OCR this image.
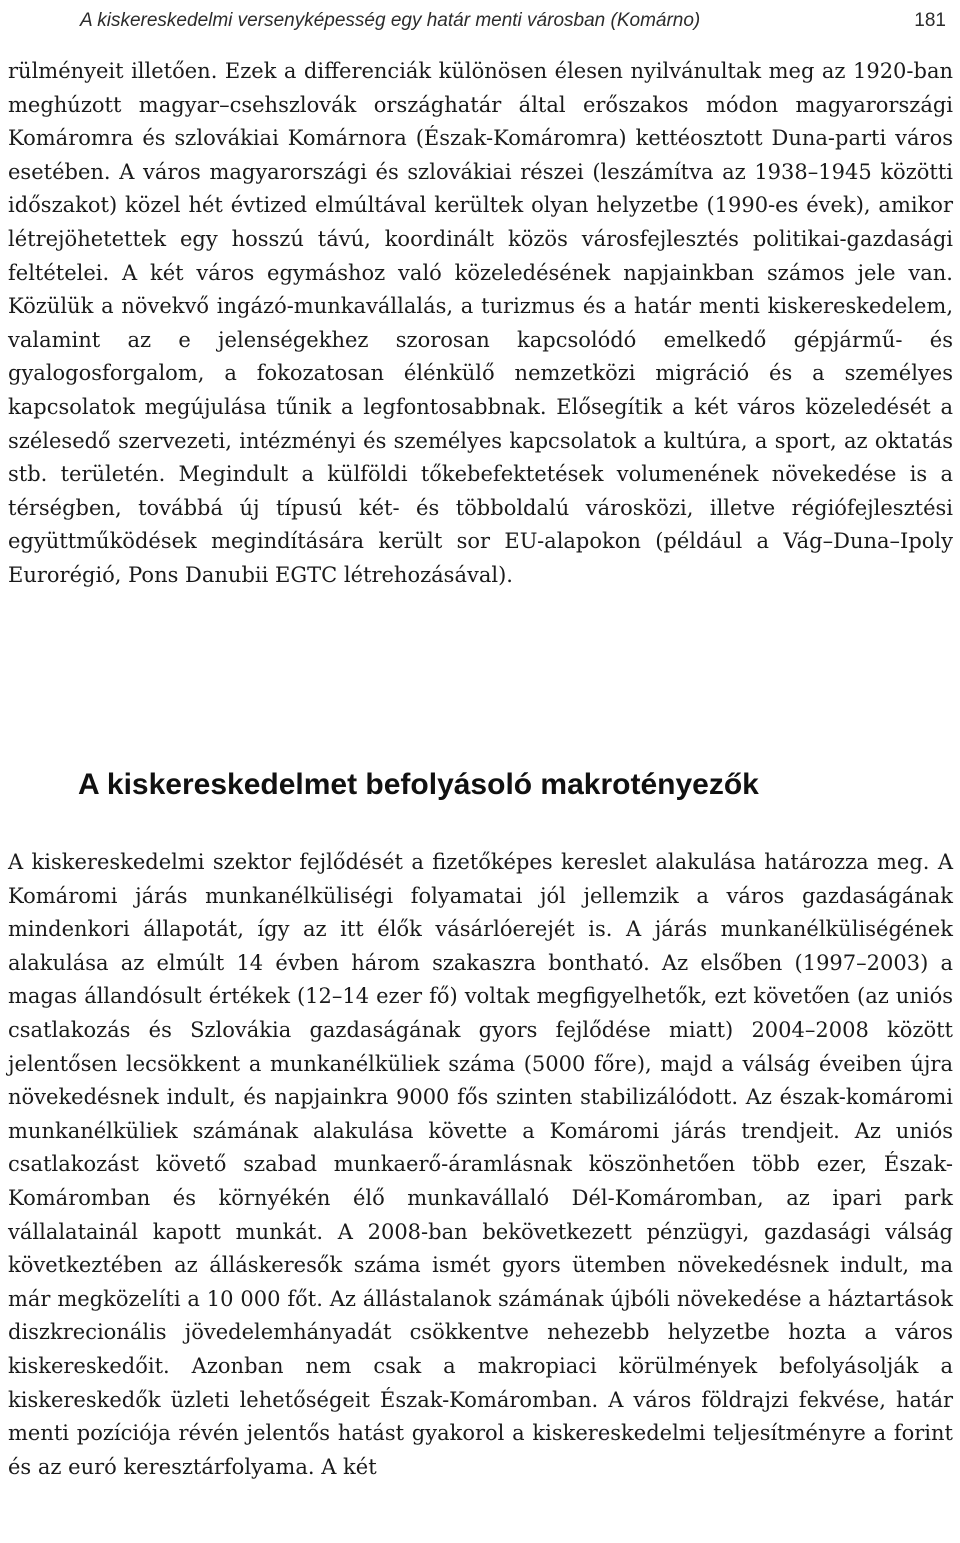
A kiskereskedelmi versenyképesség egy határ menti városban (Komárno)	181

rülményeit illetően. Ezek a differenciák különösen élesen nyilvánultak meg az 1920-ban meghúzott magyar–csehszlovák országhatár által erőszakos módon magyarországi Komáromra és szlovákiai Komárnora (Észak-Komáromra) kettéosztott Duna-parti város esetében. A város magyarországi és szlovákiai részei (leszámítva az 1938–1945 közötti időszakot) közel hét évtized elmúltával kerültek olyan helyzetbe (1990-es évek), amikor létrejöhetettek egy hosszú távú, koordinált közös városfejlesztés politikai-gazdasági feltételei. A két város egymáshoz való közeledésének napjainkban számos jele van. Közülük a növekvő ingázó-munkavállalás, a turizmus és a határ menti kiskereskedelem, valamint az e jelenségekhez szorosan kapcsolódó emelkedő gépjármű- és gyalogosforgalom, a fokozatosan élénkülő nemzetközi migráció és a személyes kapcsolatok megújulása tűnik a legfontosabbnak. Elősegítik a két város közeledését a szélesedő szervezeti, intézményi és személyes kapcsolatok a kultúra, a sport, az oktatás stb. területén. Megindult a külföldi tőkebefektetések volumenének növekedése is a térségben, továbbá új típusú két- és többoldalú városközi, illetve régiófejlesztési együttműködések megindítására került sor EU-alapokon (például a Vág–Duna–Ipoly Eurorégió, Pons Danubii EGTC létrehozásával).

A kiskereskedelmet befolyásoló makrotényezők

A kiskereskedelmi szektor fejlődését a fizetőképes kereslet alakulása határozza meg. A Komáromi járás munkanélküliségi folyamatai jól jellemzik a város gazdaságának mindenkori állapotát, így az itt élők vásárlóerejét is. A járás munkanélküliségének alakulása az elmúlt 14 évben három szakaszra bontható. Az elsőben (1997–2003) a magas állandósult értékek (12–14 ezer fő) voltak megfigyelhetők, ezt követően (az uniós csatlakozás és Szlovákia gazdaságának gyors fejlődése miatt) 2004–2008 között jelentősen lecsökkent a munkanélküliek száma (5000 főre), majd a válság éveiben újra növekedésnek indult, és napjainkra 9000 fős szinten stabilizálódott. Az észak-komáromi munkanélküliek számának alakulása követte a Komáromi járás trendjeit. Az uniós csatlakozást követő szabad munkaerő-áramlásnak köszönhetően több ezer, Észak-Komáromban és környékén élő munkavállaló Dél-Komáromban, az ipari park vállalatainál kapott munkát. A 2008-ban bekövetkezett pénzügyi, gazdasági válság következtében az álláskeresők száma ismét gyors ütemben növekedésnek indult, ma már megközelíti a 10 000 főt. Az állástalanok számának újbóli növekedése a háztartások diszkrecionális jövedelemhányadát csökkentve nehezebb helyzetbe hozta a város kiskereskedőit. Azonban nem csak a makropiaci körülmények befolyásolják a kiskereskedők üzleti lehetőségeit Észak-Komáromban. A város földrajzi fekvése, határ menti pozíciója révén jelentős hatást gyakorol a kiskereskedelmi teljesítményre a forint és az euró keresztárfolyama. A két
